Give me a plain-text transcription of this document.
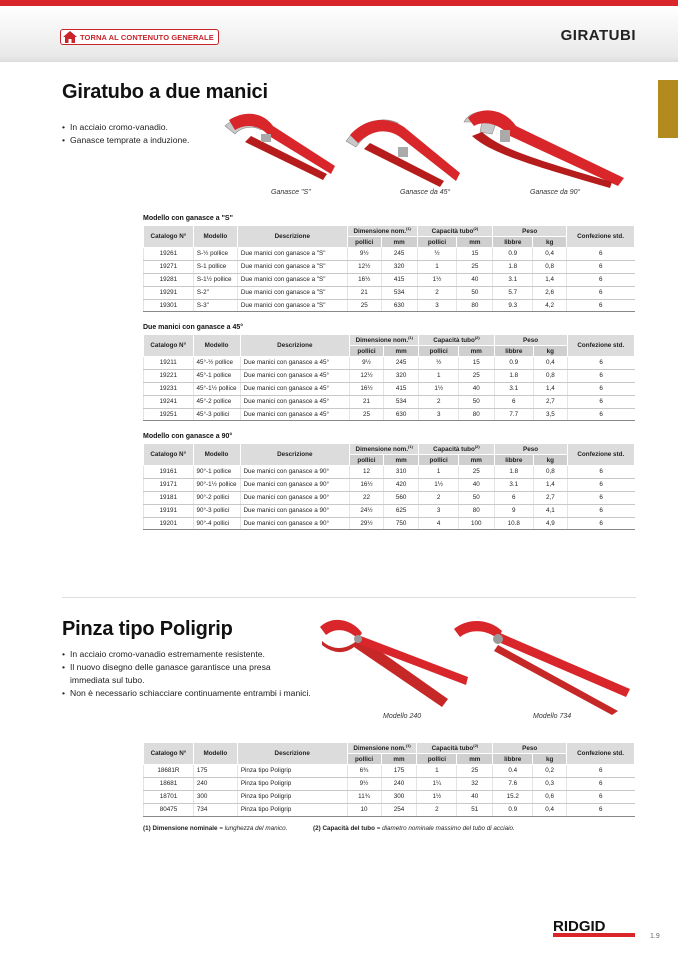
TORNA AL CONTENUTO GENERALE	GIRATUBI
Giratubo a due manici
• In acciaio cromo-vanadio.
• Ganasce temprate a induzione.
Ganasce "S"	Ganasce da 45°	Ganasce da 90°
Modello con ganasce a "S"
Catalogo N°	Modello	Descrizione	Dimensione nom.$^{(1)}$		Capacità tubo$^{(2)}$		Peso		Confezione std.
			pollici	mm	pollici	mm	libbre	kg	
19261	S-½ pollice	Due manici con ganasce a "S"	9½	245	½	15	0.9	0,4	6
19271	S-1 pollice	Due manici con ganasce a "S"	12½	320	1	25	1.8	0,8	6
19281	S-1½ pollice	Due manici con ganasce a "S"	16½	415	1½	40	3.1	1,4	6
19291	S-2"	Due manici con ganasce a "S"	21	534	2	50	5.7	2,6	6
19301	S-3"	Due manici con ganasce a "S"	25	630	3	80	9.3	4,2	6
Due manici con ganasce a 45°
Catalogo N°	Modello	Descrizione	Dimensione nom.$^{(1)}$		Capacità tubo$^{(2)}$		Peso		Confezione std.
			pollici	mm	pollici	mm	libbre	kg	
19211	45°-½ pollice	Due manici con ganasce a 45°	9½	245	½	15	0.9	0,4	6
19221	45°-1 pollice	Due manici con ganasce a 45°	12½	320	1	25	1.8	0,8	6
19231	45°-1½ pollice	Due manici con ganasce a 45°	16½	415	1½	40	3.1	1,4	6
19241	45°-2 pollice	Due manici con ganasce a 45°	21	534	2	50	6	2,7	6
19251	45°-3 pollici	Due manici con ganasce a 45°	25	630	3	80	7.7	3,5	6
Modello con ganasce a 90°
Catalogo N°	Modello	Descrizione	Dimensione nom.$^{(1)}$		Capacità tubo$^{(2)}$		Peso		Confezione std.
			pollici	mm	pollici	mm	libbre	kg	
19161	90°-1 pollice	Due manici con ganasce a 90°	12	310	1	25	1.8	0,8	6
19171	90°-1½ pollice	Due manici con ganasce a 90°	16½	420	1½	40	3.1	1,4	6
19181	90°-2 pollici	Due manici con ganasce a 90°	22	560	2	50	6	2,7	6
19191	90°-3 pollici	Due manici con ganasce a 90°	24½	625	3	80	9	4,1	6
19201	90°-4 pollici	Due manici con ganasce a 90°	29½	750	4	100	10.8	4,9	6
Pinza tipo Poligrip
• In acciaio cromo-vanadio estremamente resistente.
• Il nuovo disegno delle ganasce garantisce una presa immediata sul tubo.
• Non è necessario schiacciare continuamente entrambi i manici.
Modello 240	Modello 734
Catalogo N°	Modello	Descrizione	Dimensione nom.$^{(1)}$		Capacità tubo$^{(2)}$		Peso		Confezione std.
			pollici	mm	pollici	mm	libbre	kg	
18681R	175	Pinza tipo Poligrip	6¾	175	1	25	0.4	0,2	6
18681	240	Pinza tipo Poligrip	9½	240	1¼	32	7.6	0,3	6
18701	300	Pinza tipo Poligrip	11¾	300	1½	40	15.2	0,6	6
80475	734	Pinza tipo Poligrip	10	254	2	51	0.9	0,4	6
(1) Dimensione nominale = lunghezza del manico.	(2) Capacità del tubo = diametro nominale massimo del tubo di acciaio.
RIDGID
1.9
